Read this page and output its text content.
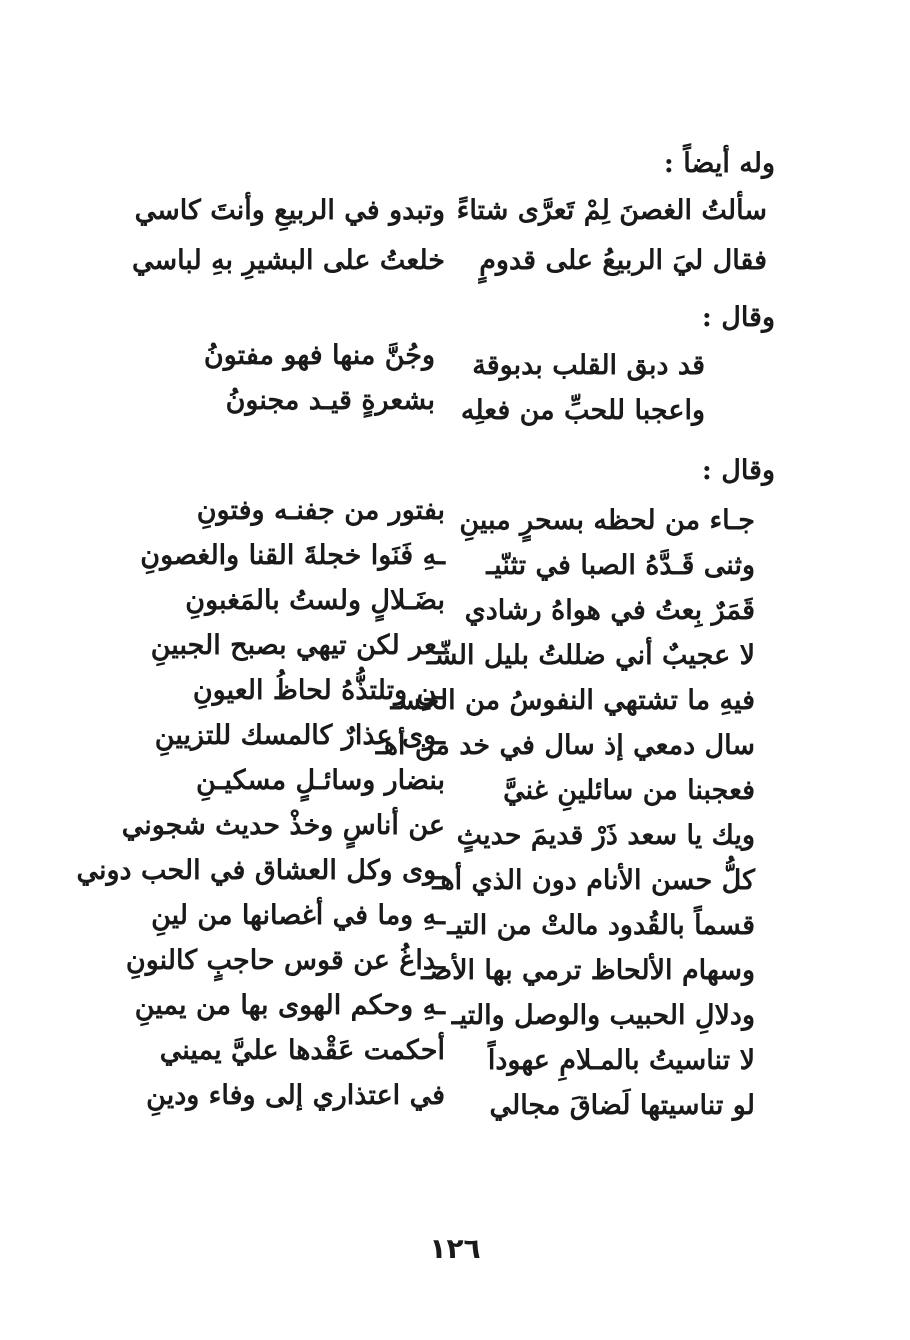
وله أيضاً :
سألتُ الغصنَ لِمْ تَعرَّى شتاءً
وتبدو في الربيعِ وأنتَ كاسي
فقال ليَ الربيعُ على قدومٍ
خلعتُ على البشيرِ بهِ لباسي
وقال :
قد دبق القلب بدبوقة
وجُنَّ منها فهو مفتونُ
واعجبا للحبِّ من فعلِه
بشعرةٍ قيـد مجنونُ
وقال :
جـاء من لحظه بسحرٍ مبينِ
بفتور من جفنـه وفتونِ
وثنى قَـدَّهُ الصبا في تثنّيـ
ـهِ فَنَوا خجلةَ القنا والغصونِ
قَمَرٌ بِعتُ في هواهُ رشادي
بضَـلالٍ ولستُ بالمَغبونِ
لا عجيبٌ أني ضللتُ بليل الشّـ
ـعر لكن تيهي بصبح الجبينِ
فيهِ ما تشتهي النفوسُ من الحسـ
ـنِ وتلتذُّهُ لحاظُ العيونِ
سال دمعي إذ سال في خد من أهـ
ـوى عذارٌ كالمسك للتزيينِ
فعجبنا من سائلينِ غنيَّ
بنضار وسائـلٍ مسكيـنِ
ويك يا سعد ذَرْ قديمَ حديثٍ
عن أناسٍ وخذْ حديث شجوني
كلُّ حسن الأنام دون الذي أهـ
ـوى وكل العشاق في الحب دوني
قسماً بالقُدود مالتْ من التيـ
ـهِ وما في أغصانها من لينِ
وسهام الألحاظ ترمي بها الأصـ
ـداغُ عن قوس حاجبٍ كالنونِ
ودلالِ الحبيب والوصل والتيـ
ـهِ وحكم الهوى بها من يمينِ
لا تناسيتُ بالمـلامِ عهوداً
أحكمت عَقْدها عليَّ يميني
لو تناسيتها لَضاقَ مجالي
في اعتذاري إلى وفاء ودينِ
١٢٦
